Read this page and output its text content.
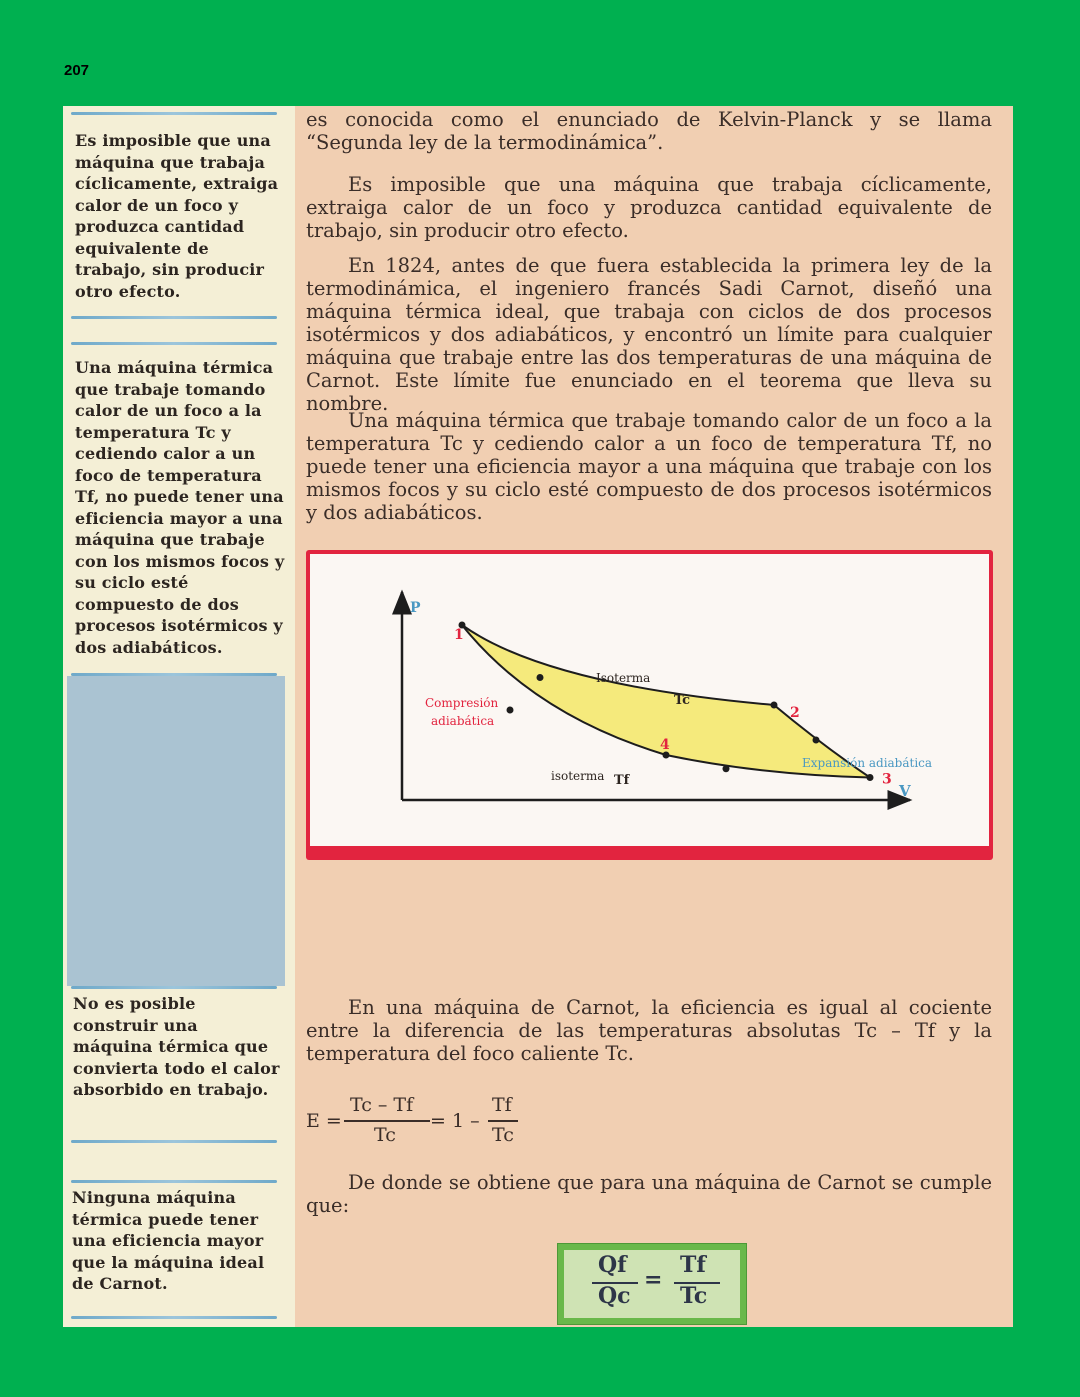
207
Es imposible que una máquina que trabaja cíclicamente, extraiga calor de un foco y produzca cantidad equivalente de trabajo, sin producir otro efecto.
Una máquina térmica que trabaje tomando calor de un foco a la temperatura Tc y cediendo calor a un foco de temperatura Tf, no puede tener una eficiencia mayor a una máquina que trabaje con los mismos focos y su ciclo esté compuesto de dos procesos isotérmicos y dos adiabáticos.
No es posible construir una máquina térmica que convierta todo el calor absorbido en trabajo.
Ninguna máquina térmica puede tener una eficiencia mayor que la máquina ideal de Carnot.

es conocida como el enunciado de Kelvin-Planck y se llama “Segunda ley de la termodinámica”.

Es imposible que una máquina que trabaja cíclicamente, extraiga calor de un foco y produzca cantidad equivalente de trabajo, sin producir otro efecto.

En 1824, antes de que fuera establecida la primera ley de la termodinámica, el ingeniero francés Sadi Carnot, diseñó una máquina térmica ideal, que trabaja con ciclos de dos procesos isotérmicos y dos adiabáticos, y encontró un límite para cualquier máquina que trabaje entre las dos temperaturas de una máquina de Carnot. Este límite fue enunciado en el teorema que lleva su nombre.

Una máquina térmica que trabaje tomando calor de un foco a la temperatura Tc y cediendo calor a un foco de temperatura Tf, no puede tener una eficiencia mayor a una máquina que trabaje con los mismos focos y su ciclo esté compuesto de dos procesos isotérmicos y dos adiabáticos.

1
2
3
4
P
V
Isoterma
Tc
Compresión
adiabática
isoterma Tf
Expansión adiabática

En una máquina de Carnot, la eficiencia es igual al cociente entre la diferencia de las temperaturas absolutas Tc – Tf y la temperatura del foco caliente Tc.

E =
Tc – Tf
Tc
= 1 –
Tf
Tc

De donde se obtiene que para una máquina de Carnot se cumple que:

Qf
Qc
=
Tf
Tc
